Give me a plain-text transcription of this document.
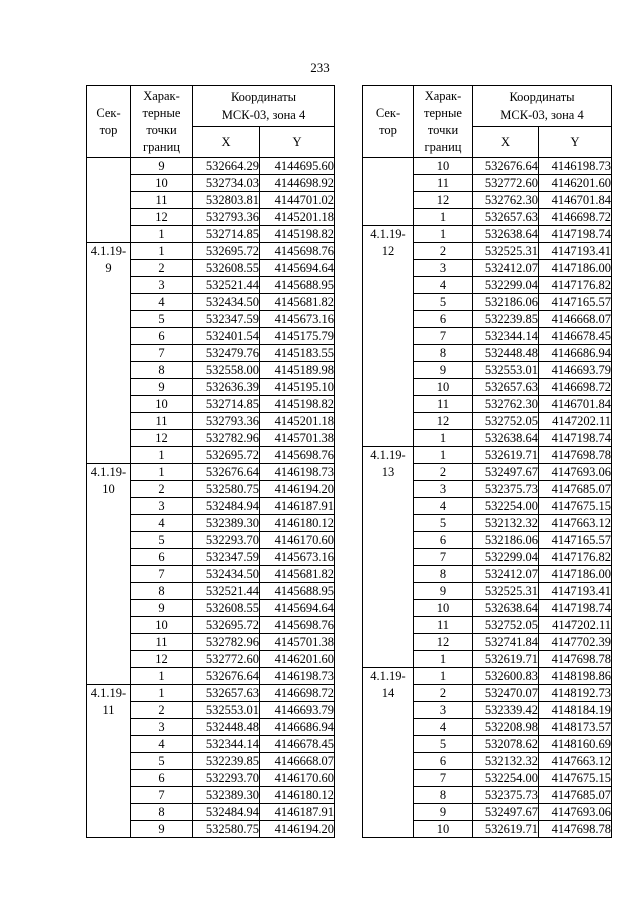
233
Сек-
тор	Харак-
терные
точки
границ	Координаты
МСК-03, зона 4	
		X	Y

	9	532664.29	4144695.60
	10	532734.03	4144698.92
	11	532803.81	4144701.02
	12	532793.36	4145201.18
	1	532714.85	4145198.82
4.1.19-
9	1	532695.72	4145698.76
	2	532608.55	4145694.64
	3	532521.44	4145688.95
	4	532434.50	4145681.82
	5	532347.59	4145673.16
	6	532401.54	4145175.79
	7	532479.76	4145183.55
	8	532558.00	4145189.98
	9	532636.39	4145195.10
	10	532714.85	4145198.82
	11	532793.36	4145201.18
	12	532782.96	4145701.38
	1	532695.72	4145698.76
4.1.19-
10	1	532676.64	4146198.73
	2	532580.75	4146194.20
	3	532484.94	4146187.91
	4	532389.30	4146180.12
	5	532293.70	4146170.60
	6	532347.59	4145673.16
	7	532434.50	4145681.82
	8	532521.44	4145688.95
	9	532608.55	4145694.64
	10	532695.72	4145698.76
	11	532782.96	4145701.38
	12	532772.60	4146201.60
	1	532676.64	4146198.73
4.1.19-
11	1	532657.63	4146698.72
	2	532553.01	4146693.79
	3	532448.48	4146686.94
	4	532344.14	4146678.45
	5	532239.85	4146668.07
	6	532293.70	4146170.60
	7	532389.30	4146180.12
	8	532484.94	4146187.91
	9	532580.75	4146194.20
Сек-
тор	Харак-
терные
точки
границ	Координаты
МСК-03, зона 4	
		X	Y

	10	532676.64	4146198.73
	11	532772.60	4146201.60
	12	532762.30	4146701.84
	1	532657.63	4146698.72
4.1.19-
12	1	532638.64	4147198.74
	2	532525.31	4147193.41
	3	532412.07	4147186.00
	4	532299.04	4147176.82
	5	532186.06	4147165.57
	6	532239.85	4146668.07
	7	532344.14	4146678.45
	8	532448.48	4146686.94
	9	532553.01	4146693.79
	10	532657.63	4146698.72
	11	532762.30	4146701.84
	12	532752.05	4147202.11
	1	532638.64	4147198.74
4.1.19-
13	1	532619.71	4147698.78
	2	532497.67	4147693.06
	3	532375.73	4147685.07
	4	532254.00	4147675.15
	5	532132.32	4147663.12
	6	532186.06	4147165.57
	7	532299.04	4147176.82
	8	532412.07	4147186.00
	9	532525.31	4147193.41
	10	532638.64	4147198.74
	11	532752.05	4147202.11
	12	532741.84	4147702.39
	1	532619.71	4147698.78
4.1.19-
14	1	532600.83	4148198.86
	2	532470.07	4148192.73
	3	532339.42	4148184.19
	4	532208.98	4148173.57
	5	532078.62	4148160.69
	6	532132.32	4147663.12
	7	532254.00	4147675.15
	8	532375.73	4147685.07
	9	532497.67	4147693.06
	10	532619.71	4147698.78
